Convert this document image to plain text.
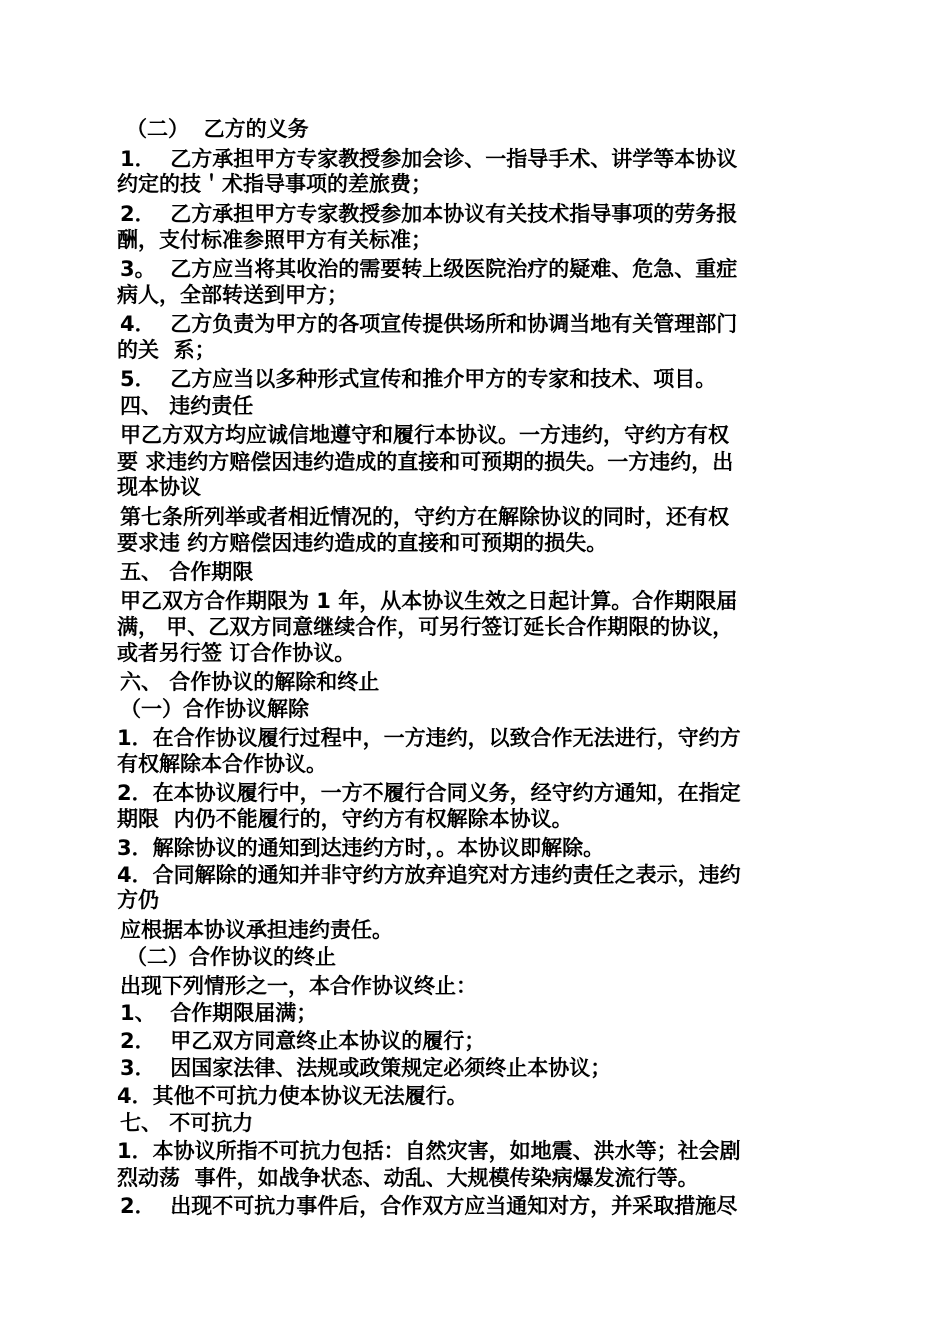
（二）  乙方的义务
1．  乙方承担甲方专家教授参加会诊、一指导手术、讲学等本协议
约定的技＇术指导事项的差旅费；
2．  乙方承担甲方专家教授参加本协议有关技术指导事项的劳务报
酬，支付标准参照甲方有关标准；
3。  乙方应当将其收治的需要转上级医院治疗的疑难、危急、重症
病人，全部转送到甲方；
4．  乙方负责为甲方的各项宣传提供场所和协调当地有关管理部门
的关  系；
5．  乙方应当以多种形式宣传和推介甲方的专家和技术、项目。
四、 违约责任
甲乙方双方均应诚信地遵守和履行本协议。一方违约，守约方有权
要 求违约方赔偿因违约造成的直接和可预期的损失。一方违约，出
现本协议
第七条所列举或者相近情况的，守约方在解除协议的同时，还有权
要求违 约方赔偿因违约造成的直接和可预期的损失。
五、 合作期限
甲乙双方合作期限为 1 年，从本协议生效之日起计算。合作期限届
满， 甲、乙双方同意继续合作，可另行签订延长合作期限的协议，
或者另行签 订合作协议。
六、 合作协议的解除和终止
（一）合作协议解除
1．在合作协议履行过程中，一方违约，以致合作无法进行，守约方
有权解除本合作协议。
2．在本协议履行中，一方不履行合同义务，经守约方通知，在指定
期限  内仍不能履行的，守约方有权解除本协议。
3．解除协议的通知到达违约方时，。本协议即解除。
4．合同解除的通知并非守约方放弃追究对方违约责任之表示，违约
方仍
应根据本协议承担违约责任。
（二）合作协议的终止
出现下列情形之一，本合作协议终止：
1、  合作期限届满；
2．  甲乙双方同意终止本协议的履行；
3．  因国家法律、法规或政策规定必须终止本协议；
4．其他不可抗力使本协议无法履行。
七、 不可抗力
1．本协议所指不可抗力包括：自然灾害，如地震、洪水等；社会剧
烈动荡  事件，如战争状态、动乱、大规模传染病爆发流行等。
2．  出现不可抗力事件后，合作双方应当通知对方，并采取措施尽
